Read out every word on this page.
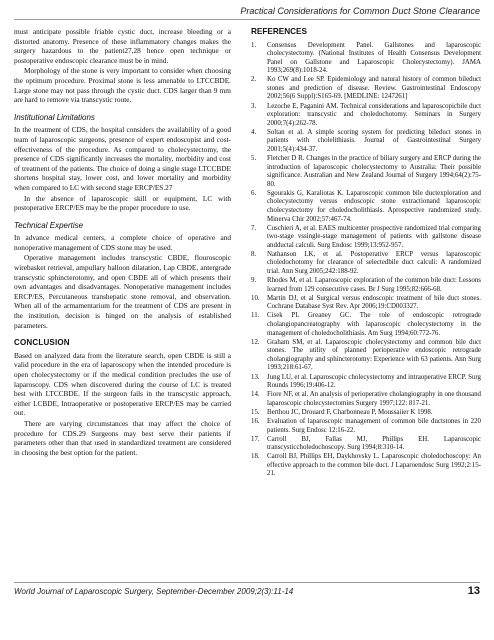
Practical Considerations for Common Duct Stone Clearance

must anticipate possible friable cystic duct, increase bleeding or a distorted anatomy. Presence of these inflammatory changes makes the surgery hazardous to the patient27,28 hence open technique or postoperative endoscopic clearance must be in mind.

Morphology of the stone is very important to consider when choosing the optimum procedure. Proximal stone is less amenable to LTCCBDE. Large stone may not pass through the cystic duct. CDS larger than 9 mm are hard to remove via transcystic route.

Institutional Limitations

In the treatment of CDS, the hospital considers the availability of a good team of laparoscopic surgeons, presence of expert endoscopist and cost-effectiveness of the procedure. As compared to cholecystectomy, the presence of CDS significantly increases the mortality, morbidity and cost of treatment of the patients. The choice of doing a single stage LTCCBDE shortens hospital stay, lower cost, and lower mortality and morbidity when compared to LC with second stage ERCP/ES.27

In the absence of laparoscopic skill or equipment, LC with postoperative ERCP/ES may be the proper procedure to use.

Technical Expertise

In advance medical centers, a complete choice of operative and nonoperative management of CDS stone may be used.

Operative management includes transcystic CBDE, flouroscopic wirebasket retrieval, ampullary balloon dilatation, Lap CBDE, antergrade transcystic sphincterotomy, and open CBDE all of which presents their own advantages and disadvantages. Nonoperative management includes ERCP/ES, Percutaneous transhepatic stone removal, and observation. When all of the armamentarium for the treatment of CDS are present in the institution, decision is hinged on the analysis of established parameters.

CONCLUSION

Based on analyzed data from the literature search, open CBDE is still a valid procedure in the era of laparoscopy when the intended procedure is open cholecystectomy or if the medical condition precludes the use of laparoscopy. CDS when discovered during the course of LC is treated best with LTCCBDE. If the surgeon fails in the transcystic approach, either LCBDE, Intraoperative or postoperative ERCP/ES may be carried out.

There are varying circumstances that may affect the choice of procedure for CDS.29 Surgeons may best serve their patients if parameters other than that used in standardized treatment are considered in choosing the best option for the patient.

REFERENCES
1.	Consensus Development Panel. Gallstones and laparoscopic cholecystectomy. (National Institutes of Health Consensus Development Panel on Gallstone and Laparoscopic Cholecystectomy). JAMA 1993;269(8):1018-24.
2.	Ko CW and Lee SP. Epidemiology and natural history of common bileduct stones and prediction of disease. Review. Gastrointestinal Endoscopy 2002;56(6 Suppl):S165-69. [MEDLINE: 1247261]
3.	Lezoche E, Paganini AM. Technical considerations and laparoscopicbile duct exploration: transcystic and choledochotomy. Seminars in Surgery 2000;7(4):262-78.
4.	Soltan et al. A simple scoring system for predicting bileduct stones in patients with cholelithiasis. Journal of Gastrointestinal Surgery 2001;5(4):434-37.
5.	Fletcher D R. Changes in the practice of biliary surgery and ERCP during the introduction of laparoscopic cholecystectomy to Australia: Their possible significance. Australian and New Zealand Journal of Surgery 1994;64(2):75-80.
6.	Sgourakis G, Karaliotas K. Laparoscopic common bile ductexploration and cholecystectomy versus endoscopic stone extractionand laparoscopic cholecystectomy for choledocholithiasis. Aprospective randomized study. Minerva Chir 2002;57:467-74.
7.	Cuschieri A, et al. EAES multicenter prospective randomized trial comparing two-stage vssingle-stage management of patients with gallstone disease andductal calculi. Surg Endosc 1999;13:952-957.
8.	Nathanson LK, et al. Postoperative ERCP versus laparoscopic choledochotomy for clearance of selectedbile duct calculi: A randomized trial. Ann Surg 2005;242:188-92.
9.	Rhodes M, et al. Laparoscopic exploration of the common bile duct: Lessons learned from 129 consecutive cases. Br J Surg 1995;82:666-68.
10.	Martin DJ, et al Surgical versus endoscopic treatment of bile duct stones. Cochrane Database Syst Rev. Apr 2006;19:CD003327.
11.	Cisek PL Greaney GC. The role of endoscopic retrograde cholangiopancreatography with laparoscopic cholecystectomy in the management of choledocholithiasis. Am Surg 1994;60:772-76.
12.	Graham SM, et al. Laparoscopic cholecystectomy and common bile duct stones. The utility of planned perioperative endoscopic retrograde cholangiography and sphincterotomy: Experience with 63 patients. Ann Surg 1993;218:61-67.
13.	Jung LU, et al. Laparoscopic cholecystectomy and intraoperative ERCP. Surg Rounds 1996;19:406-12.
14.	Fiore NF, et al. An analysis of perioperative cholangiography in one thousand laparoscopic cholecystectomies Surgery 1997;122: 817-21.
15.	Berthou JC, Drouard F, Charbonneau P, Moussaiier K 1998.
16.	Evaluation of laparoscopic management of common bile ductstones in 220 patients. Surg Endosc 12:16-22.
17.	Carroll BJ, Fallas MJ, Phillips EH. Laparoscopic transcysticcholedochoscopy. Surg 1994;8:310-14.
18.	Carroll BJ, Phillips EH, Daykhovsky L. Laparoscopic choledochoscopy: An effective approach to the common bile duct. J Laparoendosc Surg 1992;2:15-21.
World Journal of Laparoscopic Surgery, September-December 2009;2(3):11-14	13
